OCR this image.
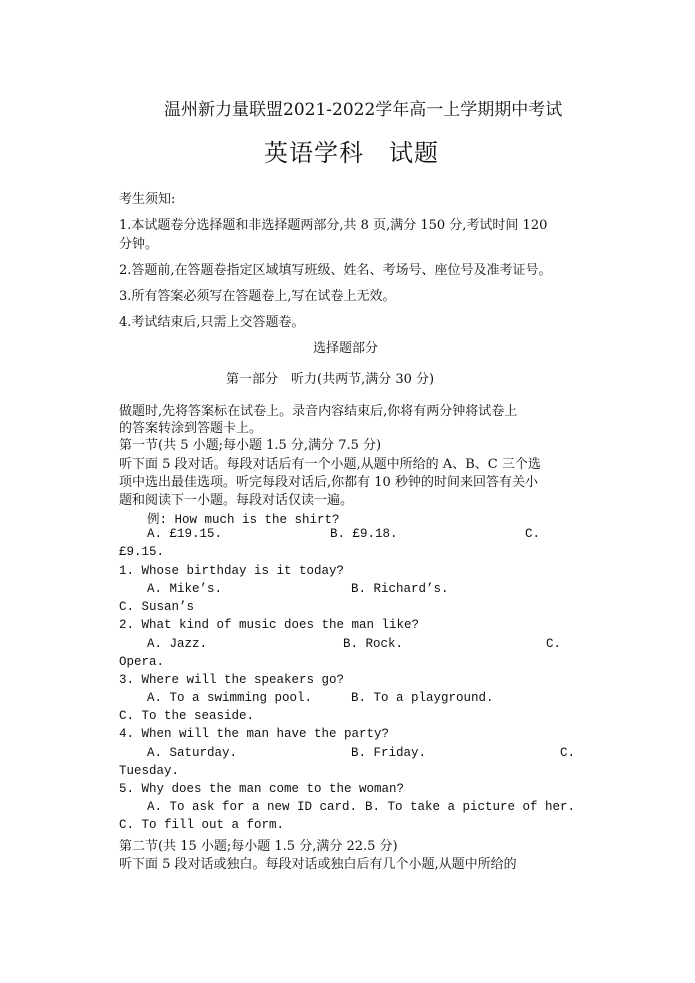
温州新力量联盟2021-2022学年高一上学期期中考试
英语学科　试题
考生须知:
1.本试题卷分选择题和非选择题两部分,共 8 页,满分 150 分,考试时间 120
分钟。
2.答题前,在答题卷指定区域填写班级、姓名、考场号、座位号及准考证号。
3.所有答案必须写在答题卷上,写在试卷上无效。
4.考试结束后,只需上交答题卷。
选择题部分
第一部分　听力(共两节,满分 30 分)
做题时,先将答案标在试卷上。录音内容结束后,你将有两分钟将试卷上
的答案转涂到答题卡上。
第一节(共 5 小题;每小题 1.5 分,满分 7.5 分)
听下面 5 段对话。每段对话后有一个小题,从题中所给的 A、B、C 三个选
项中选出最佳选项。听完每段对话后,你都有 10 秒钟的时间来回答有关小
题和阅读下一小题。每段对话仅读一遍。
例: How much is the shirt?
A. £19.15.	B. £9.18.	C.
£9.15.
1. Whose birthday is it today?
A. Mike’s.	B. Richard’s.
C. Susan’s
2. What kind of music does the man like?
A. Jazz.	B. Rock.	C.
Opera.
3. Where will the speakers go?
A. To a swimming pool.	B. To a playground.
C. To the seaside.
4. When will the man have the party?
A. Saturday.	B. Friday.	C.
Tuesday.
5. Why does the man come to the woman?
A. To ask for a new ID card. B. To take a picture of her.
C. To fill out a form.
第二节(共 15 小题;每小题 1.5 分,满分 22.5 分)
听下面 5 段对话或独白。每段对话或独白后有几个小题,从题中所给的
